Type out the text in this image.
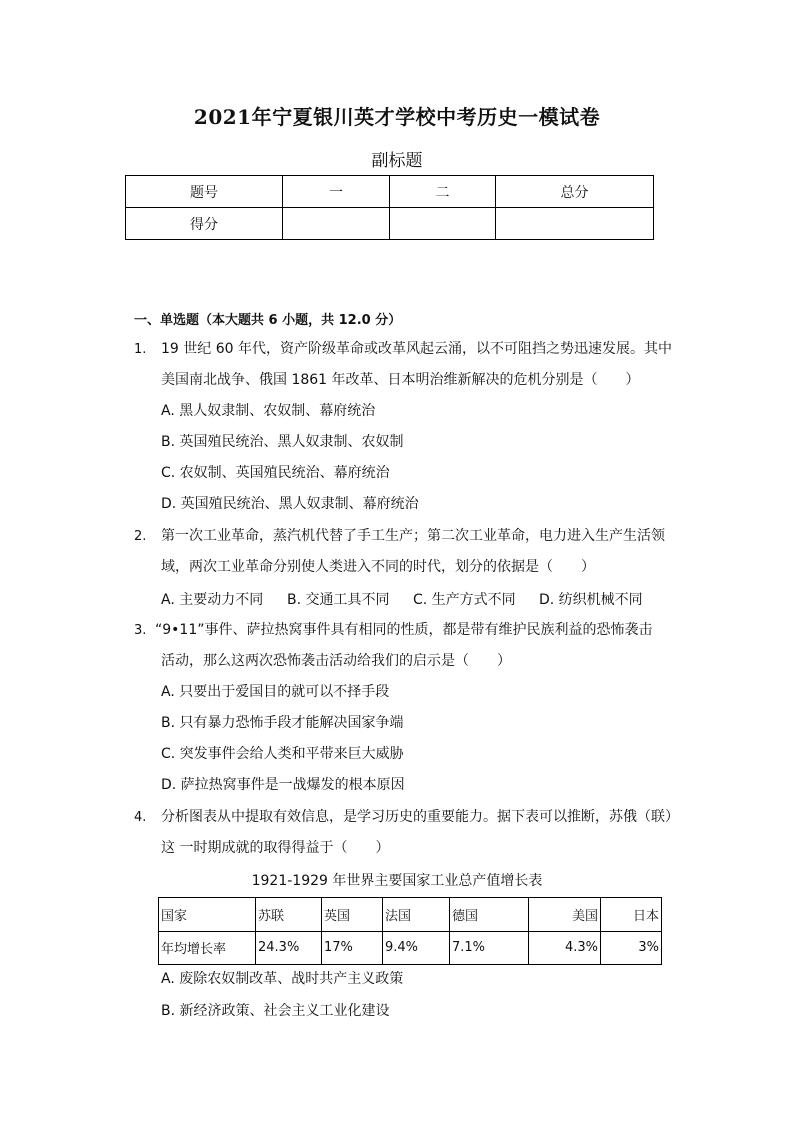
2021年宁夏银川英才学校中考历史一模试卷
副标题
题号	一	二	总分
得分			
一、单选题（本大题共 6 小题，共 12.0 分）
1. 19 世纪 60 年代，资产阶级革命或改革风起云涌，以不可阻挡之势迅速发展。其中
美国南北战争、俄国 1861 年改革、日本明治维新解决的危机分别是（　　）
A. 黑人奴隶制、农奴制、幕府统治
B. 英国殖民统治、黑人奴隶制、农奴制
C. 农奴制、英国殖民统治、幕府统治
D. 英国殖民统治、黑人奴隶制、幕府统治
2. 第一次工业革命，蒸汽机代替了手工生产；第二次工业革命，电力进入生产生活领
域，两次工业革命分别使人类进入不同的时代，划分的依据是（　　）
A. 主要动力不同 B. 交通工具不同 C. 生产方式不同 D. 纺织机械不同
3. “9•11”事件、萨拉热窝事件具有相同的性质，都是带有维护民族利益的恐怖袭击
活动，那么这两次恐怖袭击活动给我们的启示是（　　）
A. 只要出于爱国目的就可以不择手段
B. 只有暴力恐怖手段才能解决国家争端
C. 突发事件会给人类和平带来巨大威胁
D. 萨拉热窝事件是一战爆发的根本原因
4. 分析图表从中提取有效信息，是学习历史的重要能力。据下表可以推断，苏俄（联）
这 一时期成就的取得得益于（　　）
1921-1929 年世界主要国家工业总产值增长表
国家	苏联	英国	法国	德国	美国	日本
年均增长率	24.3%	17%	9.4%	7.1%	4.3%	3%
A. 废除农奴制改革、战时共产主义政策
B. 新经济政策、社会主义工业化建设
